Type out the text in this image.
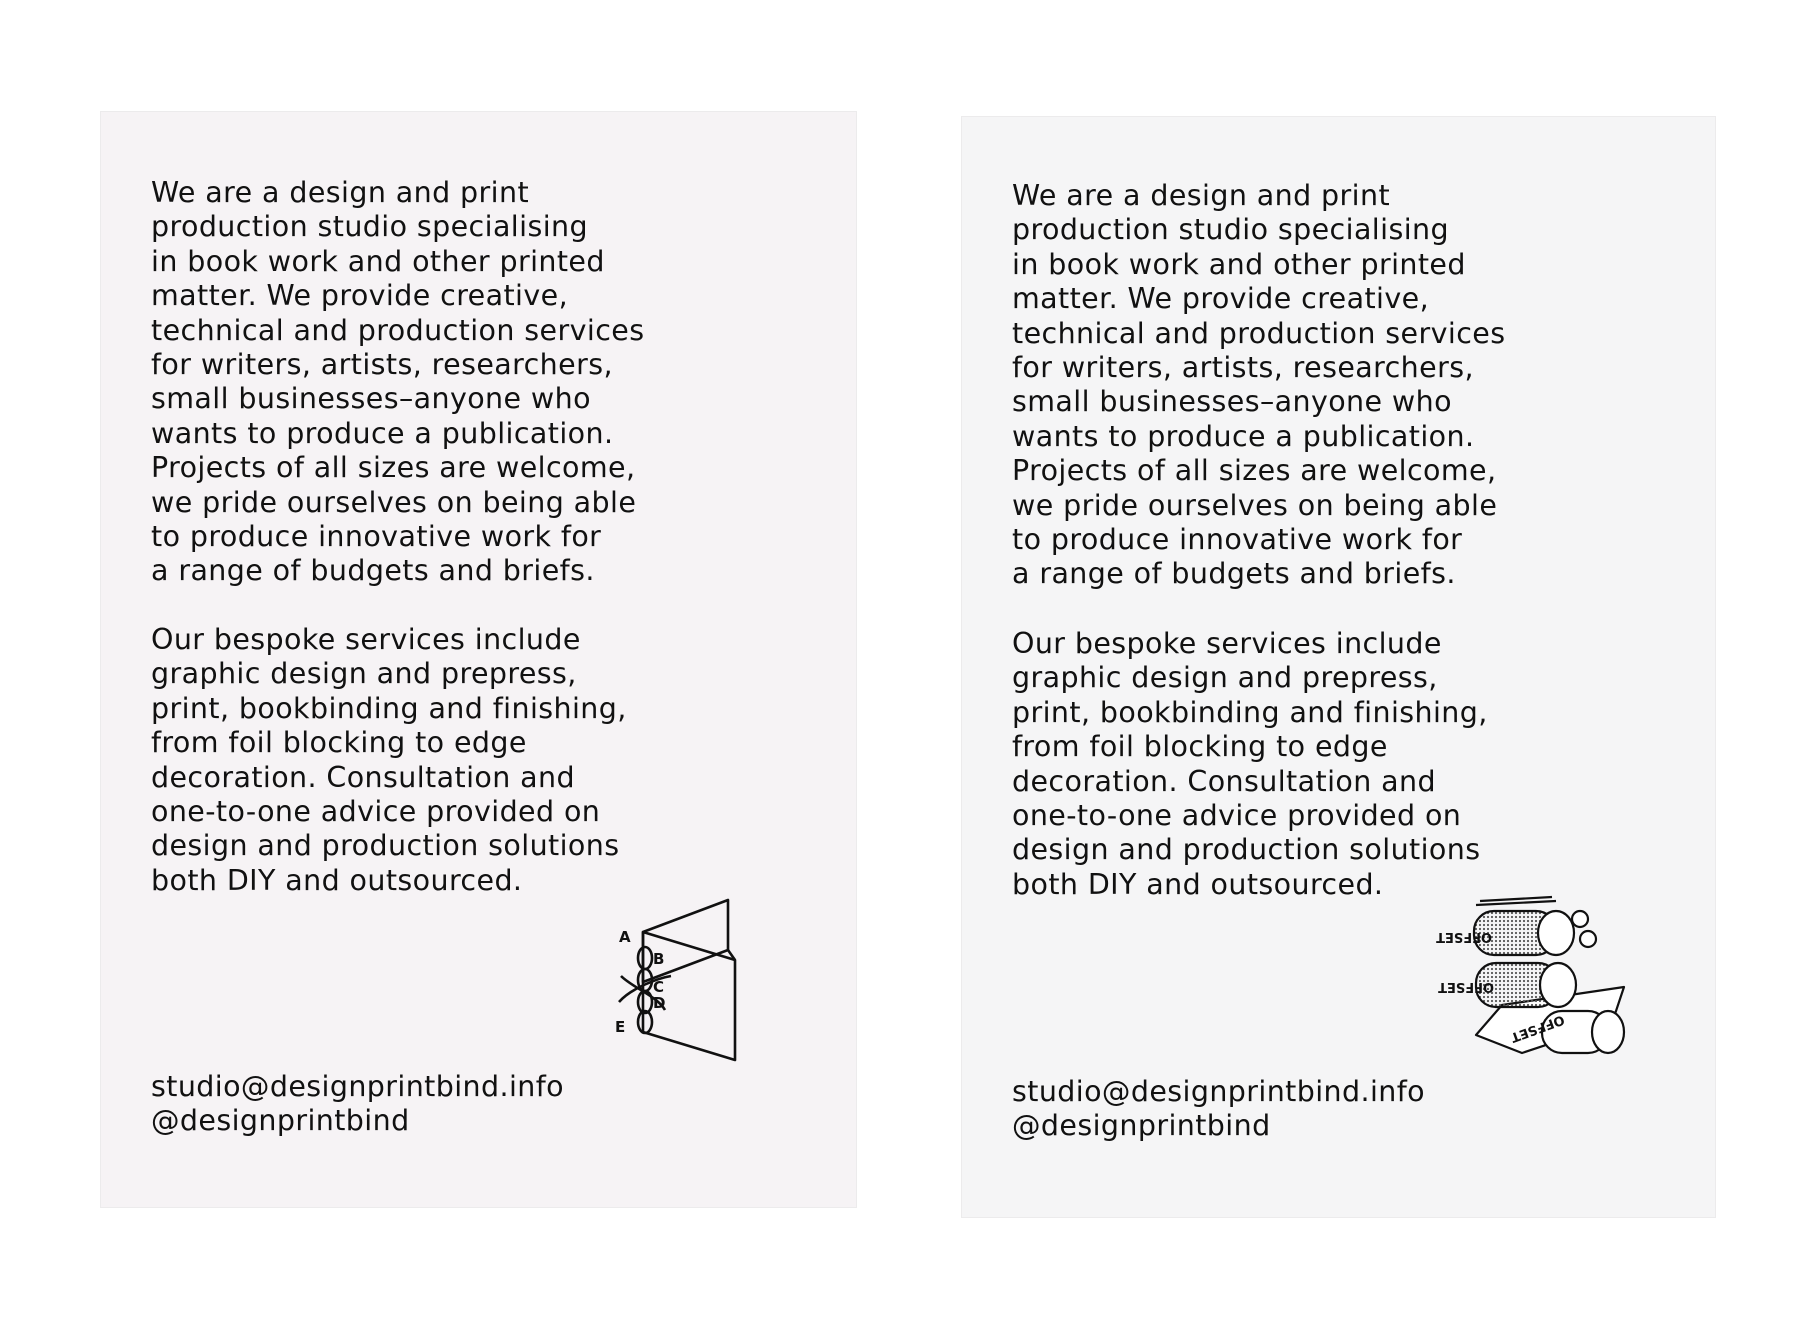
We are a design and print
production studio specialising
in book work and other printed
matter. We provide creative,
technical and production services
for writers, artists, researchers,
small businesses–anyone who
wants to produce a publication.
Projects of all sizes are welcome,
we pride ourselves on being able
to produce innovative work for
a range of budgets and briefs.

Our bespoke services include
graphic design and prepress,
print, bookbinding and finishing,
from foil blocking to edge
decoration. Consultation and
one-to-one advice provided on
design and production solutions
both DIY and outsourced.

A
B
C
D
E
studio@designprintbind.info
@designprintbind

We are a design and print
production studio specialising
in book work and other printed
matter. We provide creative,
technical and production services
for writers, artists, researchers,
small businesses–anyone who
wants to produce a publication.
Projects of all sizes are welcome,
we pride ourselves on being able
to produce innovative work for
a range of budgets and briefs.

Our bespoke services include
graphic design and prepress,
print, bookbinding and finishing,
from foil blocking to edge
decoration. Consultation and
one-to-one advice provided on
design and production solutions
both DIY and outsourced.

OFFSET
OFFSET
OFFSET
studio@designprintbind.info
@designprintbind
